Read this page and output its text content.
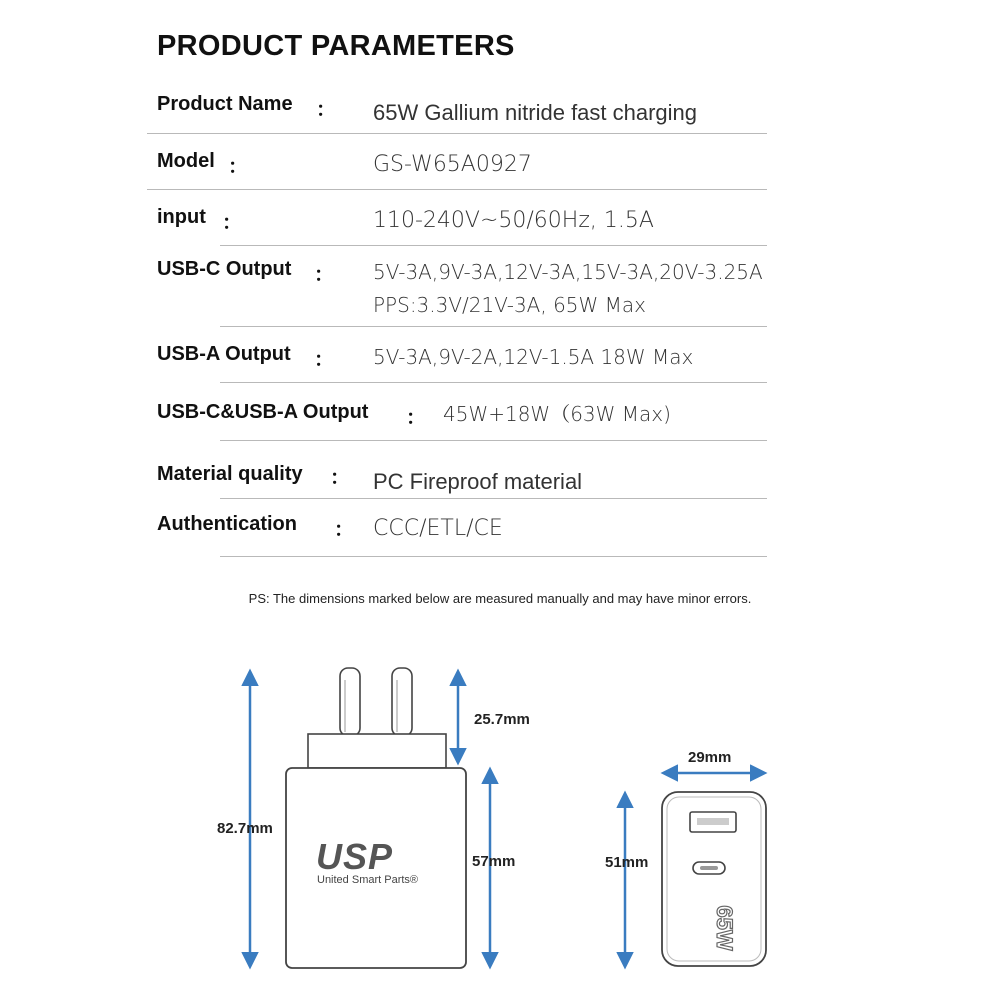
PRODUCT PARAMETERS
Product Name ： 65W Gallium nitride fast charging
Model ：	GS-W65A0927
input ：	110-240V~50/60Hz, 1.5A
USB-C Output ： 5V-3A,9V-3A,12V-3A,15V-3A,20V-3.25A
PPS:3.3V/21V-3A, 65W Max
USB-A Output ： 5V-3A,9V-2A,12V-1.5A 18W Max
USB-C&USB-A Output ： 45W+18W（63W Max)
Material quality ： PC Fireproof material
Authentication ： CCC/ETL/CE
PS: The dimensions marked below are measured manually and may have minor errors.
USP
United Smart Parts®
65W
82.7mm
25.7mm
57mm
29mm
51mm
